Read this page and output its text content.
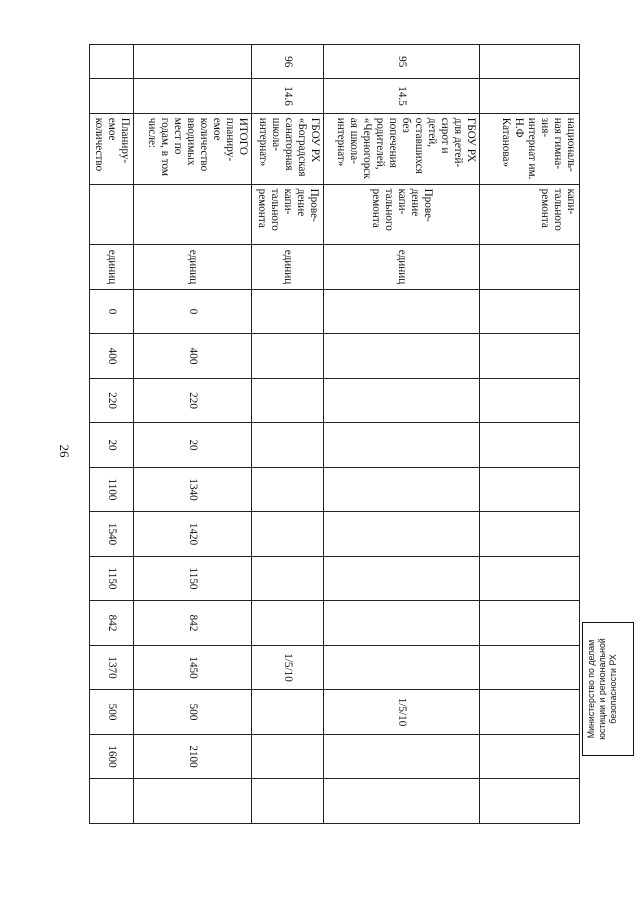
26
		националь-ная гимна-зия-интернат им. Н.Ф Катанова»	капи-тального ремонта													
95	14.5	ГБОУ РХ для детей-сирот и детей, оставшихся без попечения родителей, «Черногорск ая школа-интернат»	Прове-дение капи-тального ремонта	единиц										1/5/10		
96	14.6	ГБОУ РХ «Боградская санаторная школа-интернат»	Прове-дение капи-тального ремонта	единиц									1/5/10			
		ИТОГО планиру-емое количество вводимых мест по годам, в том числе:		единиц	0	400	220	20	1340	1420	1150	842	1450	500	2100	
		Планиру-емое количество		единиц	0	400	220	20	1100	1540	1150	842	1370	500	1600	
Министерство по делам юстиции и региональной безопасности РХ
